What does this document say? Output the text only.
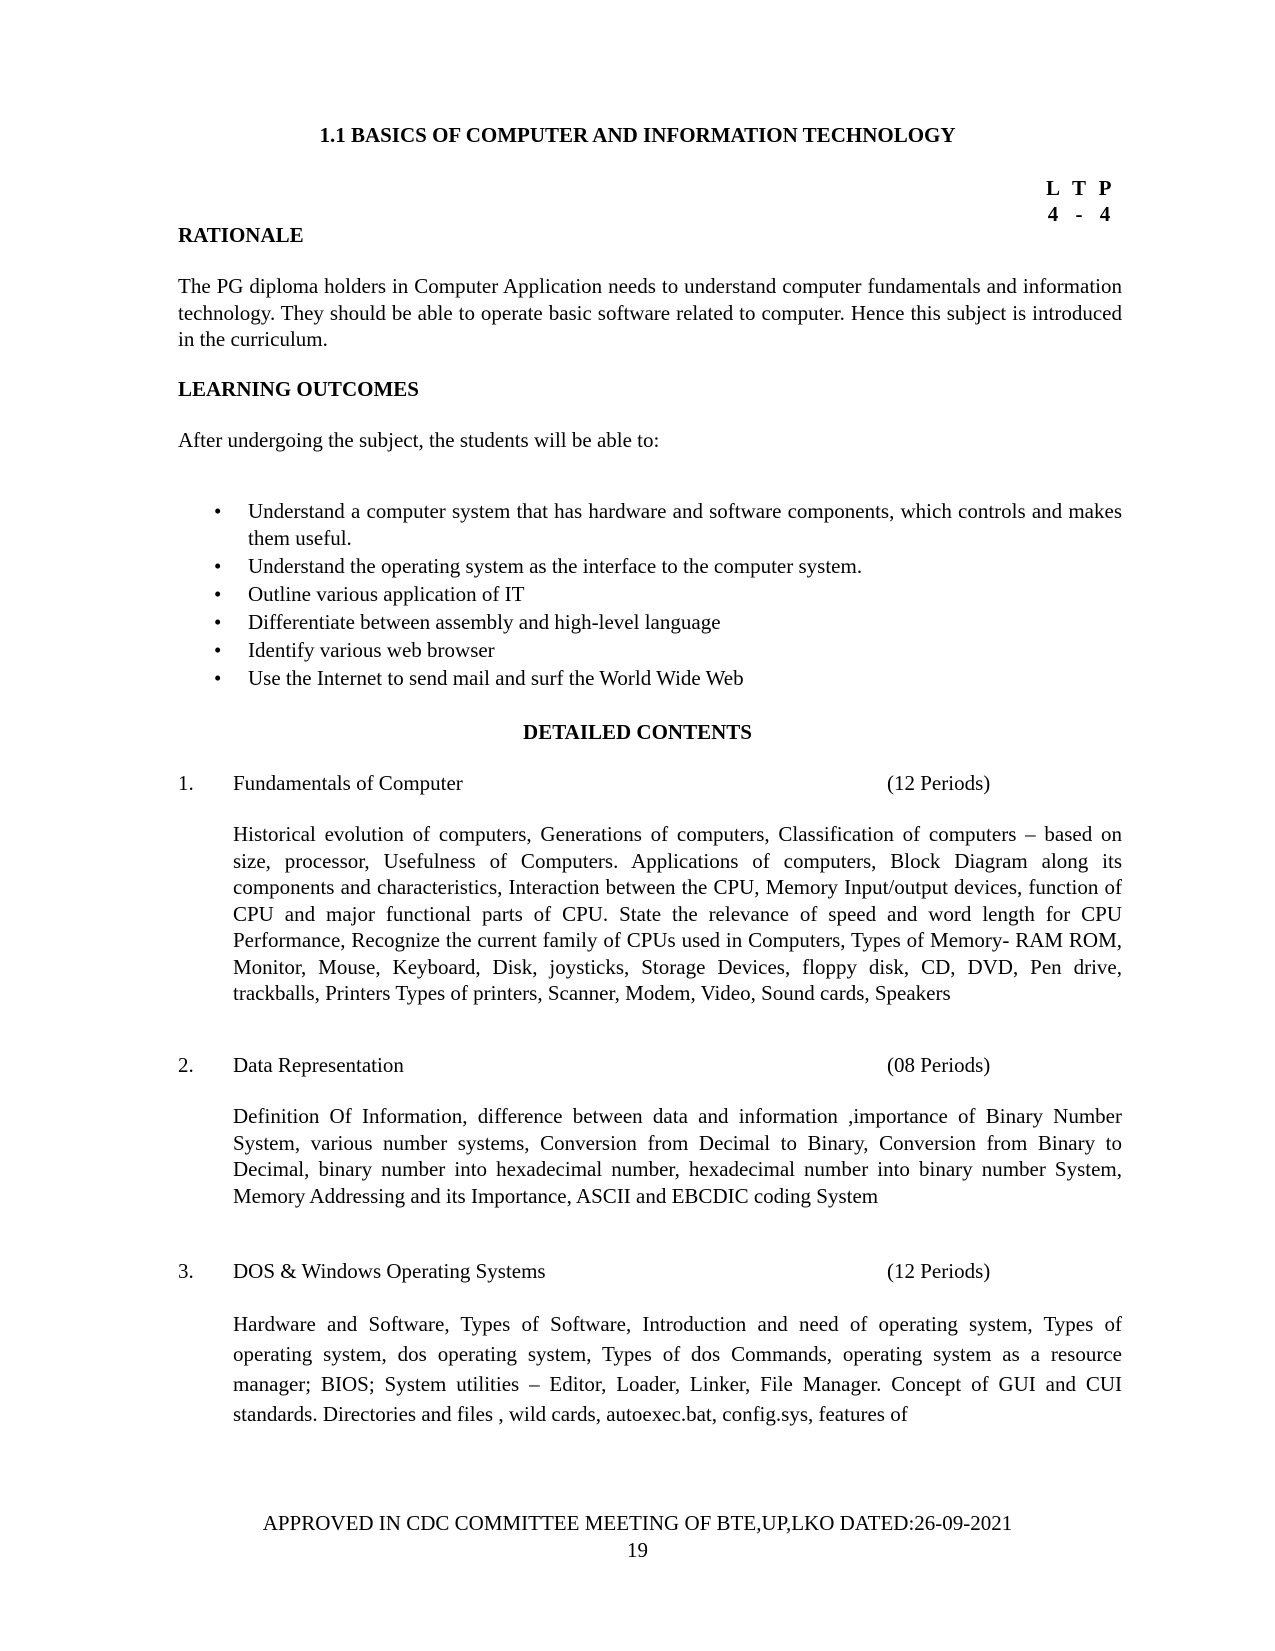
1.1 BASICS OF COMPUTER AND INFORMATION TECHNOLOGY
L T P
4 - 4
RATIONALE
The PG diploma holders in Computer Application needs to understand computer fundamentals and information technology. They should be able to operate basic software related to computer. Hence this subject is introduced in the curriculum.
LEARNING OUTCOMES
After undergoing the subject, the students will be able to:
• Understand a computer system that has hardware and software components, which controls and makes them useful.
• Understand the operating system as the interface to the computer system.
• Outline various application of IT
• Differentiate between assembly and high-level language
• Identify various web browser
• Use the Internet to send mail and surf the World Wide Web
DETAILED CONTENTS
1. Fundamentals of Computer	(12 Periods)
Historical evolution of computers, Generations of computers, Classification of computers – based on size, processor, Usefulness of Computers. Applications of computers, Block Diagram along its components and characteristics, Interaction between the CPU, Memory Input/output devices, function of CPU and major functional parts of CPU. State the relevance of speed and word length for CPU Performance, Recognize the current family of CPUs used in Computers, Types of Memory- RAM ROM, Monitor, Mouse, Keyboard, Disk, joysticks, Storage Devices, floppy disk, CD, DVD, Pen drive, trackballs, Printers Types of printers, Scanner, Modem, Video, Sound cards, Speakers
2. Data Representation	(08 Periods)
Definition Of Information, difference between data and information ,importance of Binary Number System, various number systems, Conversion from Decimal to Binary, Conversion from Binary to Decimal, binary number into hexadecimal number, hexadecimal number into binary number System, Memory Addressing and its Importance, ASCII and EBCDIC coding System
3. DOS & Windows Operating Systems	(12 Periods)
Hardware and Software, Types of Software, Introduction and need of operating system, Types of operating system, dos operating system, Types of dos Commands, operating system as a resource manager; BIOS; System utilities – Editor, Loader, Linker, File Manager. Concept of GUI and CUI standards. Directories and files , wild cards, autoexec.bat, config.sys, features of
APPROVED IN CDC COMMITTEE MEETING OF BTE,UP,LKO DATED:26-09-2021
19
